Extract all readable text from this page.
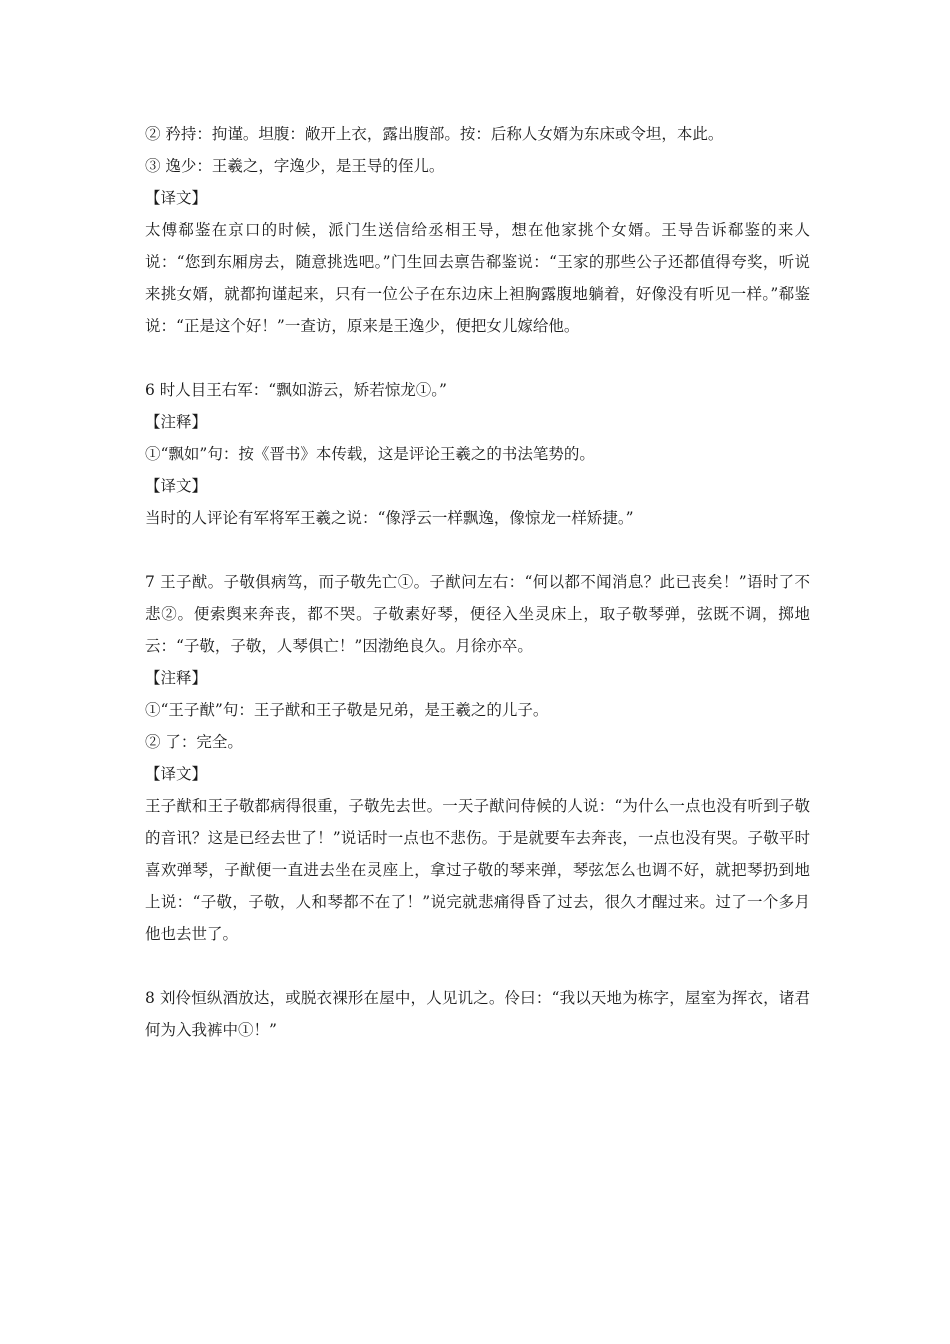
② 矜持：拘谨。坦腹：敞开上衣，露出腹部。按：后称人女婿为东床或令坦，本此。

③ 逸少：王羲之，字逸少，是王导的侄儿。

【译文】

太傅郗鉴在京口的时候，派门生送信给丞相王导，想在他家挑个女婿。王导告诉郗鉴的来人说：“您到东厢房去，随意挑选吧。”门生回去禀告郗鉴说：“王家的那些公子还都值得夸奖，听说来挑女婿，就都拘谨起来，只有一位公子在东边床上袒胸露腹地躺着，好像没有听见一样。”郗鉴说：“正是这个好！”一查访，原来是王逸少，便把女儿嫁给他。

6 时人目王右军：“飘如游云，矫若惊龙①。”

【注释】

①“飘如”句：按《晋书》本传载，这是评论王羲之的书法笔势的。

【译文】

当时的人评论有军将军王羲之说：“像浮云一样飘逸，像惊龙一样矫捷。”

7 王子猷。子敬俱病笃，而子敬先亡①。子猷问左右：“何以都不闻消息？此已丧矣！”语时了不悲②。便索舆来奔丧，都不哭。子敬素好琴，便径入坐灵床上，取子敬琴弹，弦既不调，掷地云：“子敬，子敬，人琴俱亡！”因渤绝良久。月徐亦卒。

【注释】

①“王子猷”句：王子猷和王子敬是兄弟，是王羲之的儿子。

② 了：完全。

【译文】

王子猷和王子敬都病得很重，子敬先去世。一天子猷问侍候的人说：“为什么一点也没有听到子敬的音讯？这是已经去世了！”说话时一点也不悲伤。于是就要车去奔丧，一点也没有哭。子敬平时喜欢弹琴，子猷便一直进去坐在灵座上，拿过子敬的琴来弹，琴弦怎么也调不好，就把琴扔到地上说：“子敬，子敬，人和琴都不在了！”说完就悲痛得昏了过去，很久才醒过来。过了一个多月他也去世了。

8 刘伶恒纵酒放达，或脱衣裸形在屋中，人见讥之。伶曰：“我以天地为栋字，屋室为挥衣，诸君何为入我裤中①！”
